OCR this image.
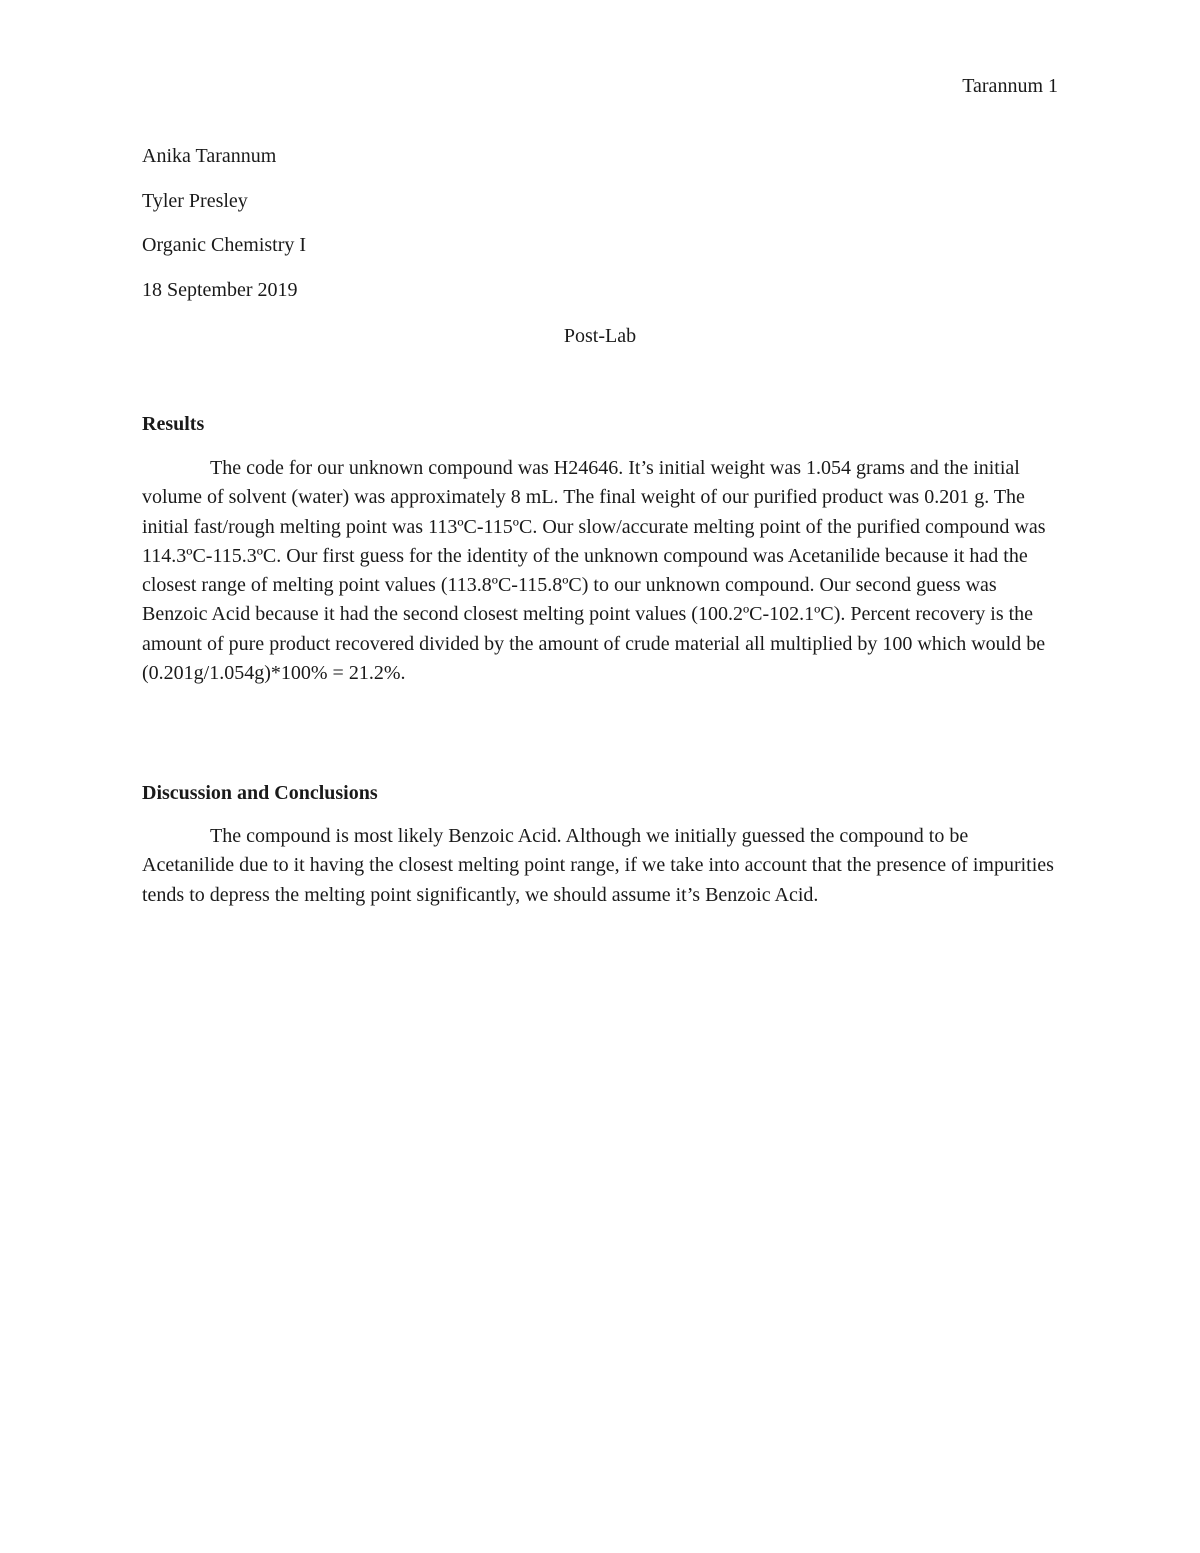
Tarannum 1
Anika Tarannum
Tyler Presley
Organic Chemistry I
18 September 2019
Post-Lab
Results

The code for our unknown compound was H24646. It’s initial weight was 1.054 grams and the initial volume of solvent (water) was approximately 8 mL. The final weight of our purified product was 0.201 g. The initial fast/rough melting point was 113ºC-115ºC. Our slow/accurate melting point of the purified compound was 114.3ºC-115.3ºC. Our first guess for the identity of the unknown compound was Acetanilide because it had the closest range of melting point values (113.8ºC-115.8ºC) to our unknown compound. Our second guess was Benzoic Acid because it had the second closest melting point values (100.2ºC-102.1ºC). Percent recovery is the amount of pure product recovered divided by the amount of crude material all multiplied by 100 which would be (0.201g/1.054g)*100% = 21.2%.

Discussion and Conclusions

The compound is most likely Benzoic Acid. Although we initially guessed the compound to be Acetanilide due to it having the closest melting point range, if we take into account that the presence of impurities tends to depress the melting point significantly, we should assume it’s Benzoic Acid.
